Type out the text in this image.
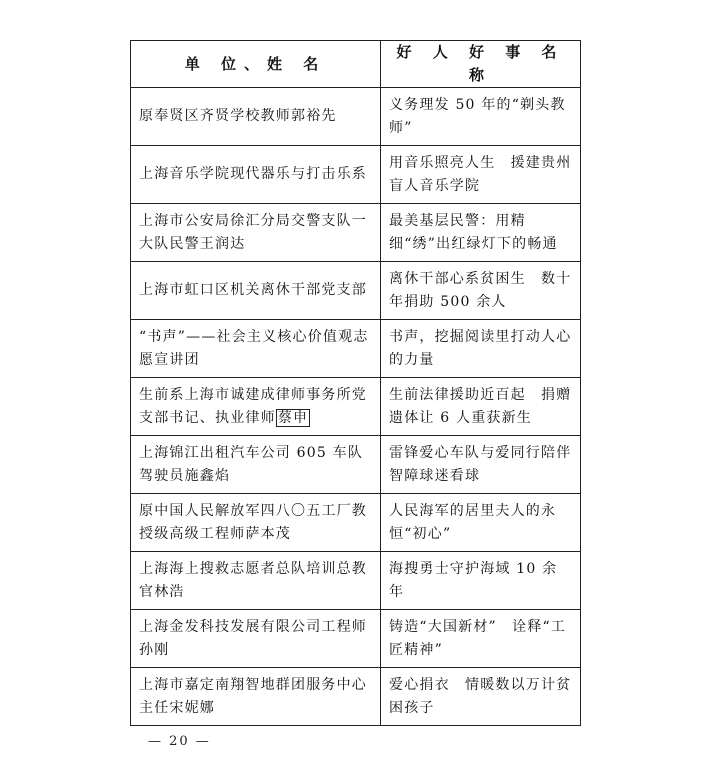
单 位、姓 名	好 人 好 事 名 称
原奉贤区齐贤学校教师郭裕先	义务理发 50 年的“剃头教师”
上海音乐学院现代器乐与打击乐系	用音乐照亮人生　援建贵州盲人音乐学院
上海市公安局徐汇分局交警支队一大队民警王润达	最美基层民警：用精细“绣”出红绿灯下的畅通
上海市虹口区机关离休干部党支部	离休干部心系贫困生　数十年捐助 500 余人
“书声”——社会主义核心价值观志愿宣讲团	书声，挖掘阅读里打动人心的力量
生前系上海市诚建成律师事务所党支部书记、执业律师 蔡申	生前法律援助近百起　捐赠遗体让 6 人重获新生
上海锦江出租汽车公司 605 车队驾驶员施鑫焰	雷锋爱心车队与爱同行陪伴智障球迷看球
原中国人民解放军四八〇五工厂教授级高级工程师萨本茂	人民海军的居里夫人的永恒“初心”
上海海上搜救志愿者总队培训总教官林浩	海搜勇士守护海域 10 余年
上海金发科技发展有限公司工程师孙刚	铸造“大国新材”　诠释“工匠精神”
上海市嘉定南翔智地群团服务中心主任宋妮娜	爱心捐衣　情暖数以万计贫困孩子
— 20 —
